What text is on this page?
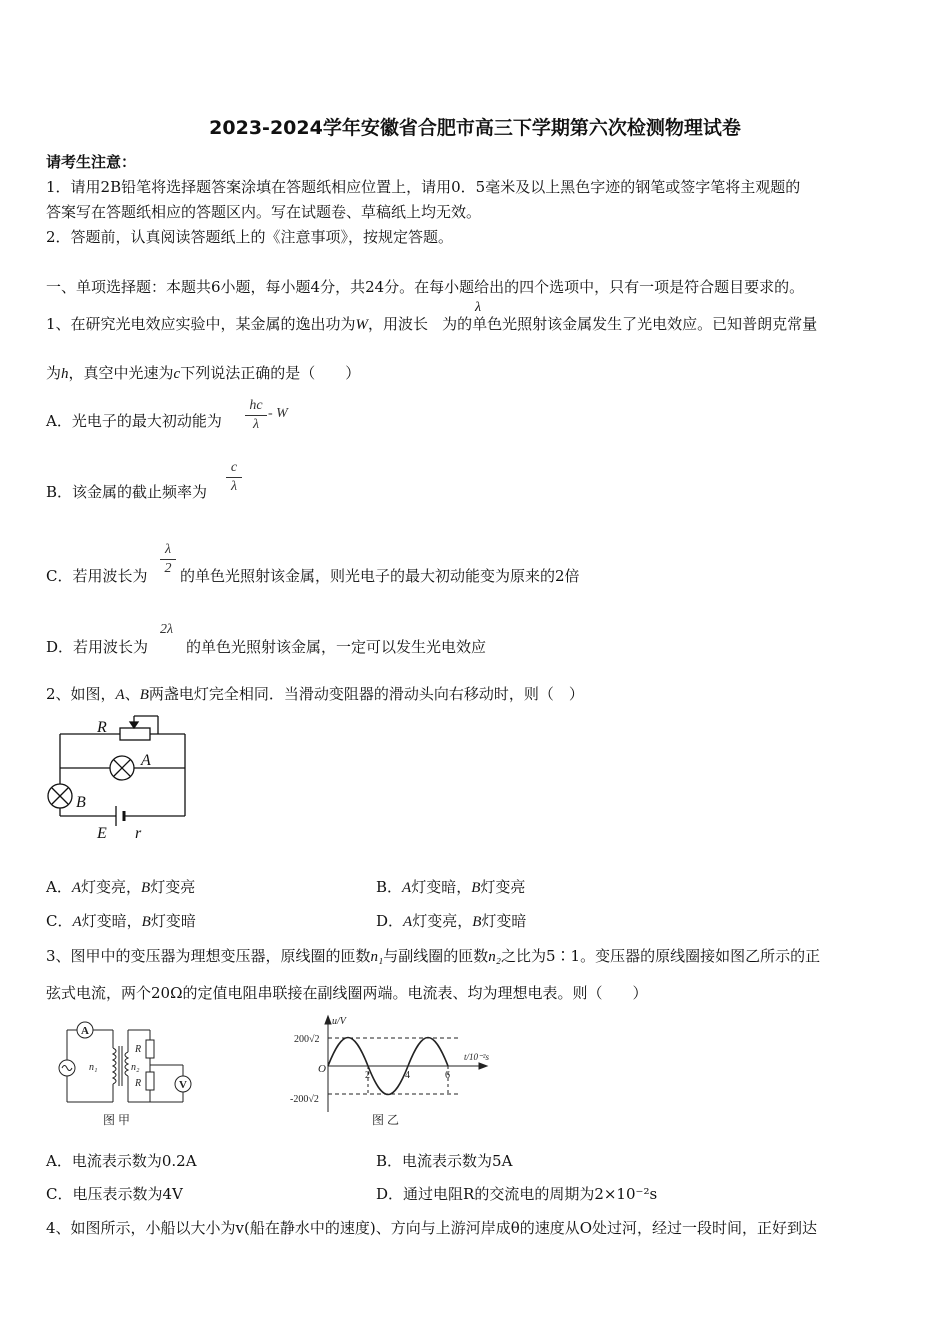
2023-2024学年安徽省合肥市高三下学期第六次检测物理试卷
请考生注意：
1．请用2B铅笔将选择题答案涂填在答题纸相应位置上，请用0．5毫米及以上黑色字迹的钢笔或签字笔将主观题的
答案写在答题纸相应的答题区内。写在试题卷、草稿纸上均无效。
2．答题前，认真阅读答题纸上的《注意事项》，按规定答题。
一、单项选择题：本题共6小题，每小题4分，共24分。在每小题给出的四个选项中，只有一项是符合题目要求的。
1、在研究光电效应实验中，某金属的逸出功为W，用波长 为的单色光照射该金属发生了光电效应。已知普朗克常量
λ
为h，真空中光速为c下列说法正确的是（　　）
A．光电子的最大初动能为
hc
λ
- W
B．该金属的截止频率为
c
λ
C．若用波长为
λ
2 的单色光照射该金属，则光电子的最大初动能变为原来的2倍
D．若用波长为
2λ
的单色光照射该金属，一定可以发生光电效应
2、如图，A、B两盏电灯完全相同．当滑动变阻器的滑动头向右移动时，则（　）
R
A
B
E r
A．A灯变亮，B灯变亮	B．A灯变暗，B灯变亮
C．A灯变暗，B灯变暗	D．A灯变亮，B灯变暗
3、图甲中的变压器为理想变压器，原线圈的匝数n₁与副线圈的匝数n₂之比为5∶1。变压器的原线圈接如图乙所示的正
弦式电流，两个20Ω的定值电阻串联接在副线圈两端。电流表、均为理想电表。则（　　）
A
V
n₁	n₂
R
R
图 甲
u/V
200√2
-200√2
O
t/10⁻²s
2	4	6
图 乙
A．电流表示数为0.2A	B．电流表示数为5A
C．电压表示数为4V	D．通过电阻R的交流电的周期为2×10⁻²s
4、如图所示，小船以大小为v(船在静水中的速度)、方向与上游河岸成θ的速度从O处过河，经过一段时间，正好到达
